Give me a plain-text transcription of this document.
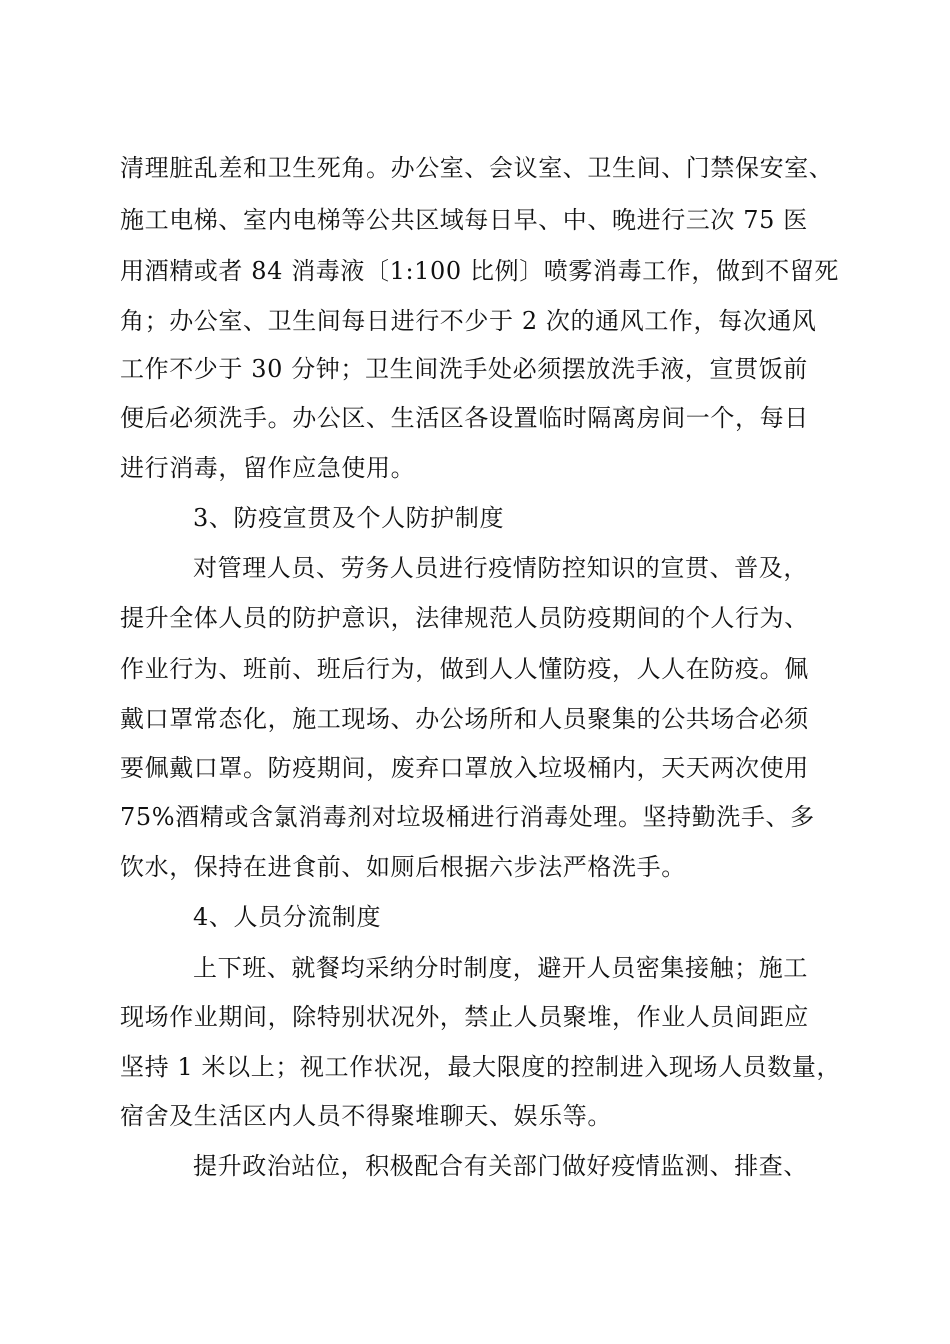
清理脏乱差和卫生死角。办公室、会议室、卫生间、门禁保安室、
施工电梯、室内电梯等公共区域每日早、中、晚进行三次 75 医
用酒精或者 84 消毒液〔1:100 比例〕喷雾消毒工作，做到不留死
角；办公室、卫生间每日进行不少于 2 次的通风工作，每次通风
工作不少于 30 分钟；卫生间洗手处必须摆放洗手液，宣贯饭前
便后必须洗手。办公区、生活区各设置临时隔离房间一个，每日
进行消毒，留作应急使用。
3、防疫宣贯及个人防护制度
对管理人员、劳务人员进行疫情防控知识的宣贯、普及，
提升全体人员的防护意识，法律规范人员防疫期间的个人行为、
作业行为、班前、班后行为，做到人人懂防疫，人人在防疫。佩
戴口罩常态化，施工现场、办公场所和人员聚集的公共场合必须
要佩戴口罩。防疫期间，废弃口罩放入垃圾桶内，天天两次使用
75%酒精或含氯消毒剂对垃圾桶进行消毒处理。坚持勤洗手、多
饮水，保持在进食前、如厕后根据六步法严格洗手。
4、人员分流制度
上下班、就餐均采纳分时制度，避开人员密集接触；施工
现场作业期间，除特别状况外，禁止人员聚堆，作业人员间距应
坚持 1 米以上；视工作状况，最大限度的控制进入现场人员数量，
宿舍及生活区内人员不得聚堆聊天、娱乐等。
提升政治站位，积极配合有关部门做好疫情监测、排查、
